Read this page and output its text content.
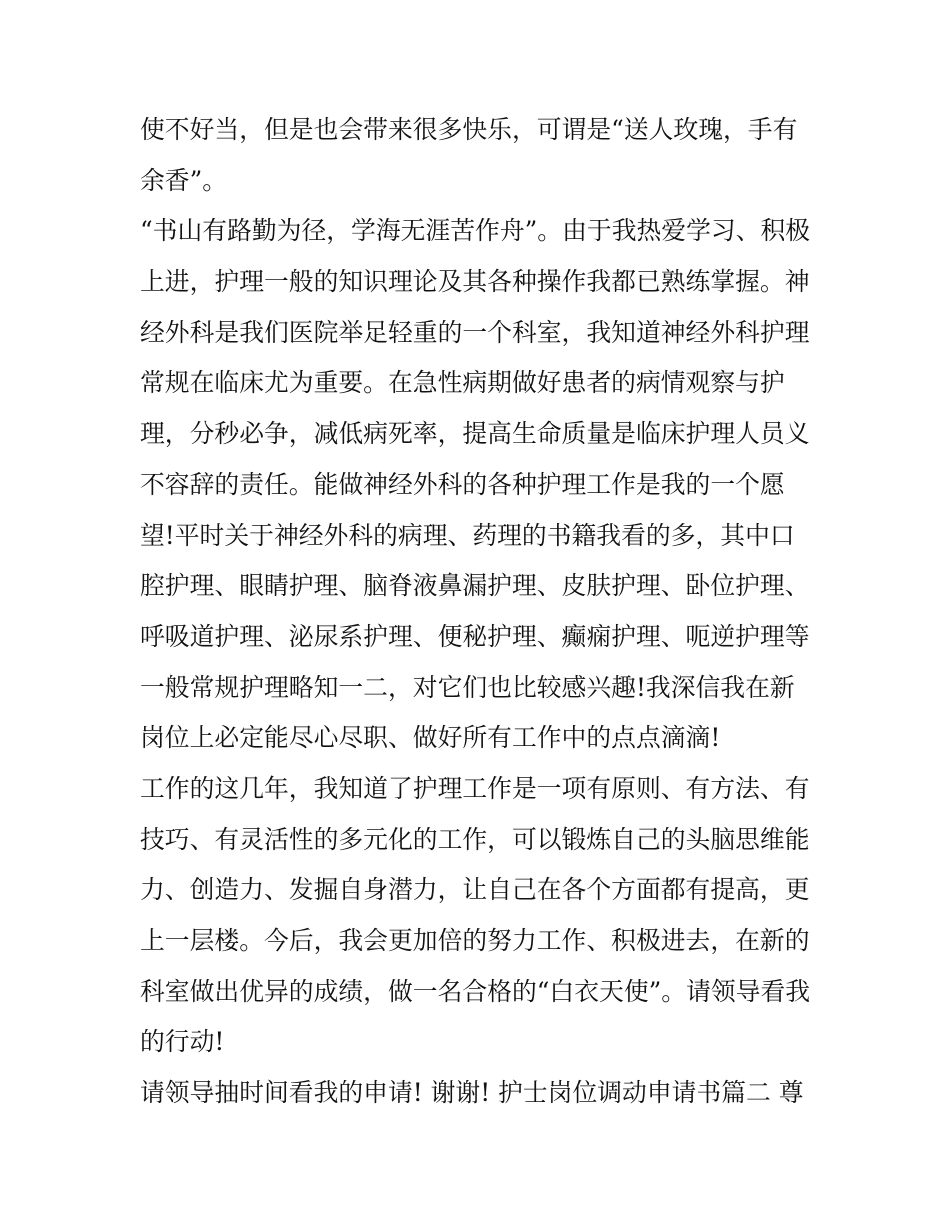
使不好当，但是也会带来很多快乐，可谓是“送人玫瑰，手有
余香”。
“书山有路勤为径，学海无涯苦作舟”。由于我热爱学习、积极
上进，护理一般的知识理论及其各种操作我都已熟练掌握。神
经外科是我们医院举足轻重的一个科室，我知道神经外科护理
常规在临床尤为重要。在急性病期做好患者的病情观察与护
理，分秒必争，减低病死率，提高生命质量是临床护理人员义
不容辞的责任。能做神经外科的各种护理工作是我的一个愿
望!平时关于神经外科的病理、药理的书籍我看的多，其中口
腔护理、眼睛护理、脑脊液鼻漏护理、皮肤护理、卧位护理、
呼吸道护理、泌尿系护理、便秘护理、癫痫护理、呃逆护理等
一般常规护理略知一二，对它们也比较感兴趣!我深信我在新
岗位上必定能尽心尽职、做好所有工作中的点点滴滴!
工作的这几年，我知道了护理工作是一项有原则、有方法、有
技巧、有灵活性的多元化的工作，可以锻炼自己的头脑思维能
力、创造力、发掘自身潜力，让自己在各个方面都有提高，更
上一层楼。今后，我会更加倍的努力工作、积极进去，在新的
科室做出优异的成绩，做一名合格的“白衣天使”。请领导看我
的行动!
请领导抽时间看我的申请! 谢谢! 护士岗位调动申请书篇二 尊
